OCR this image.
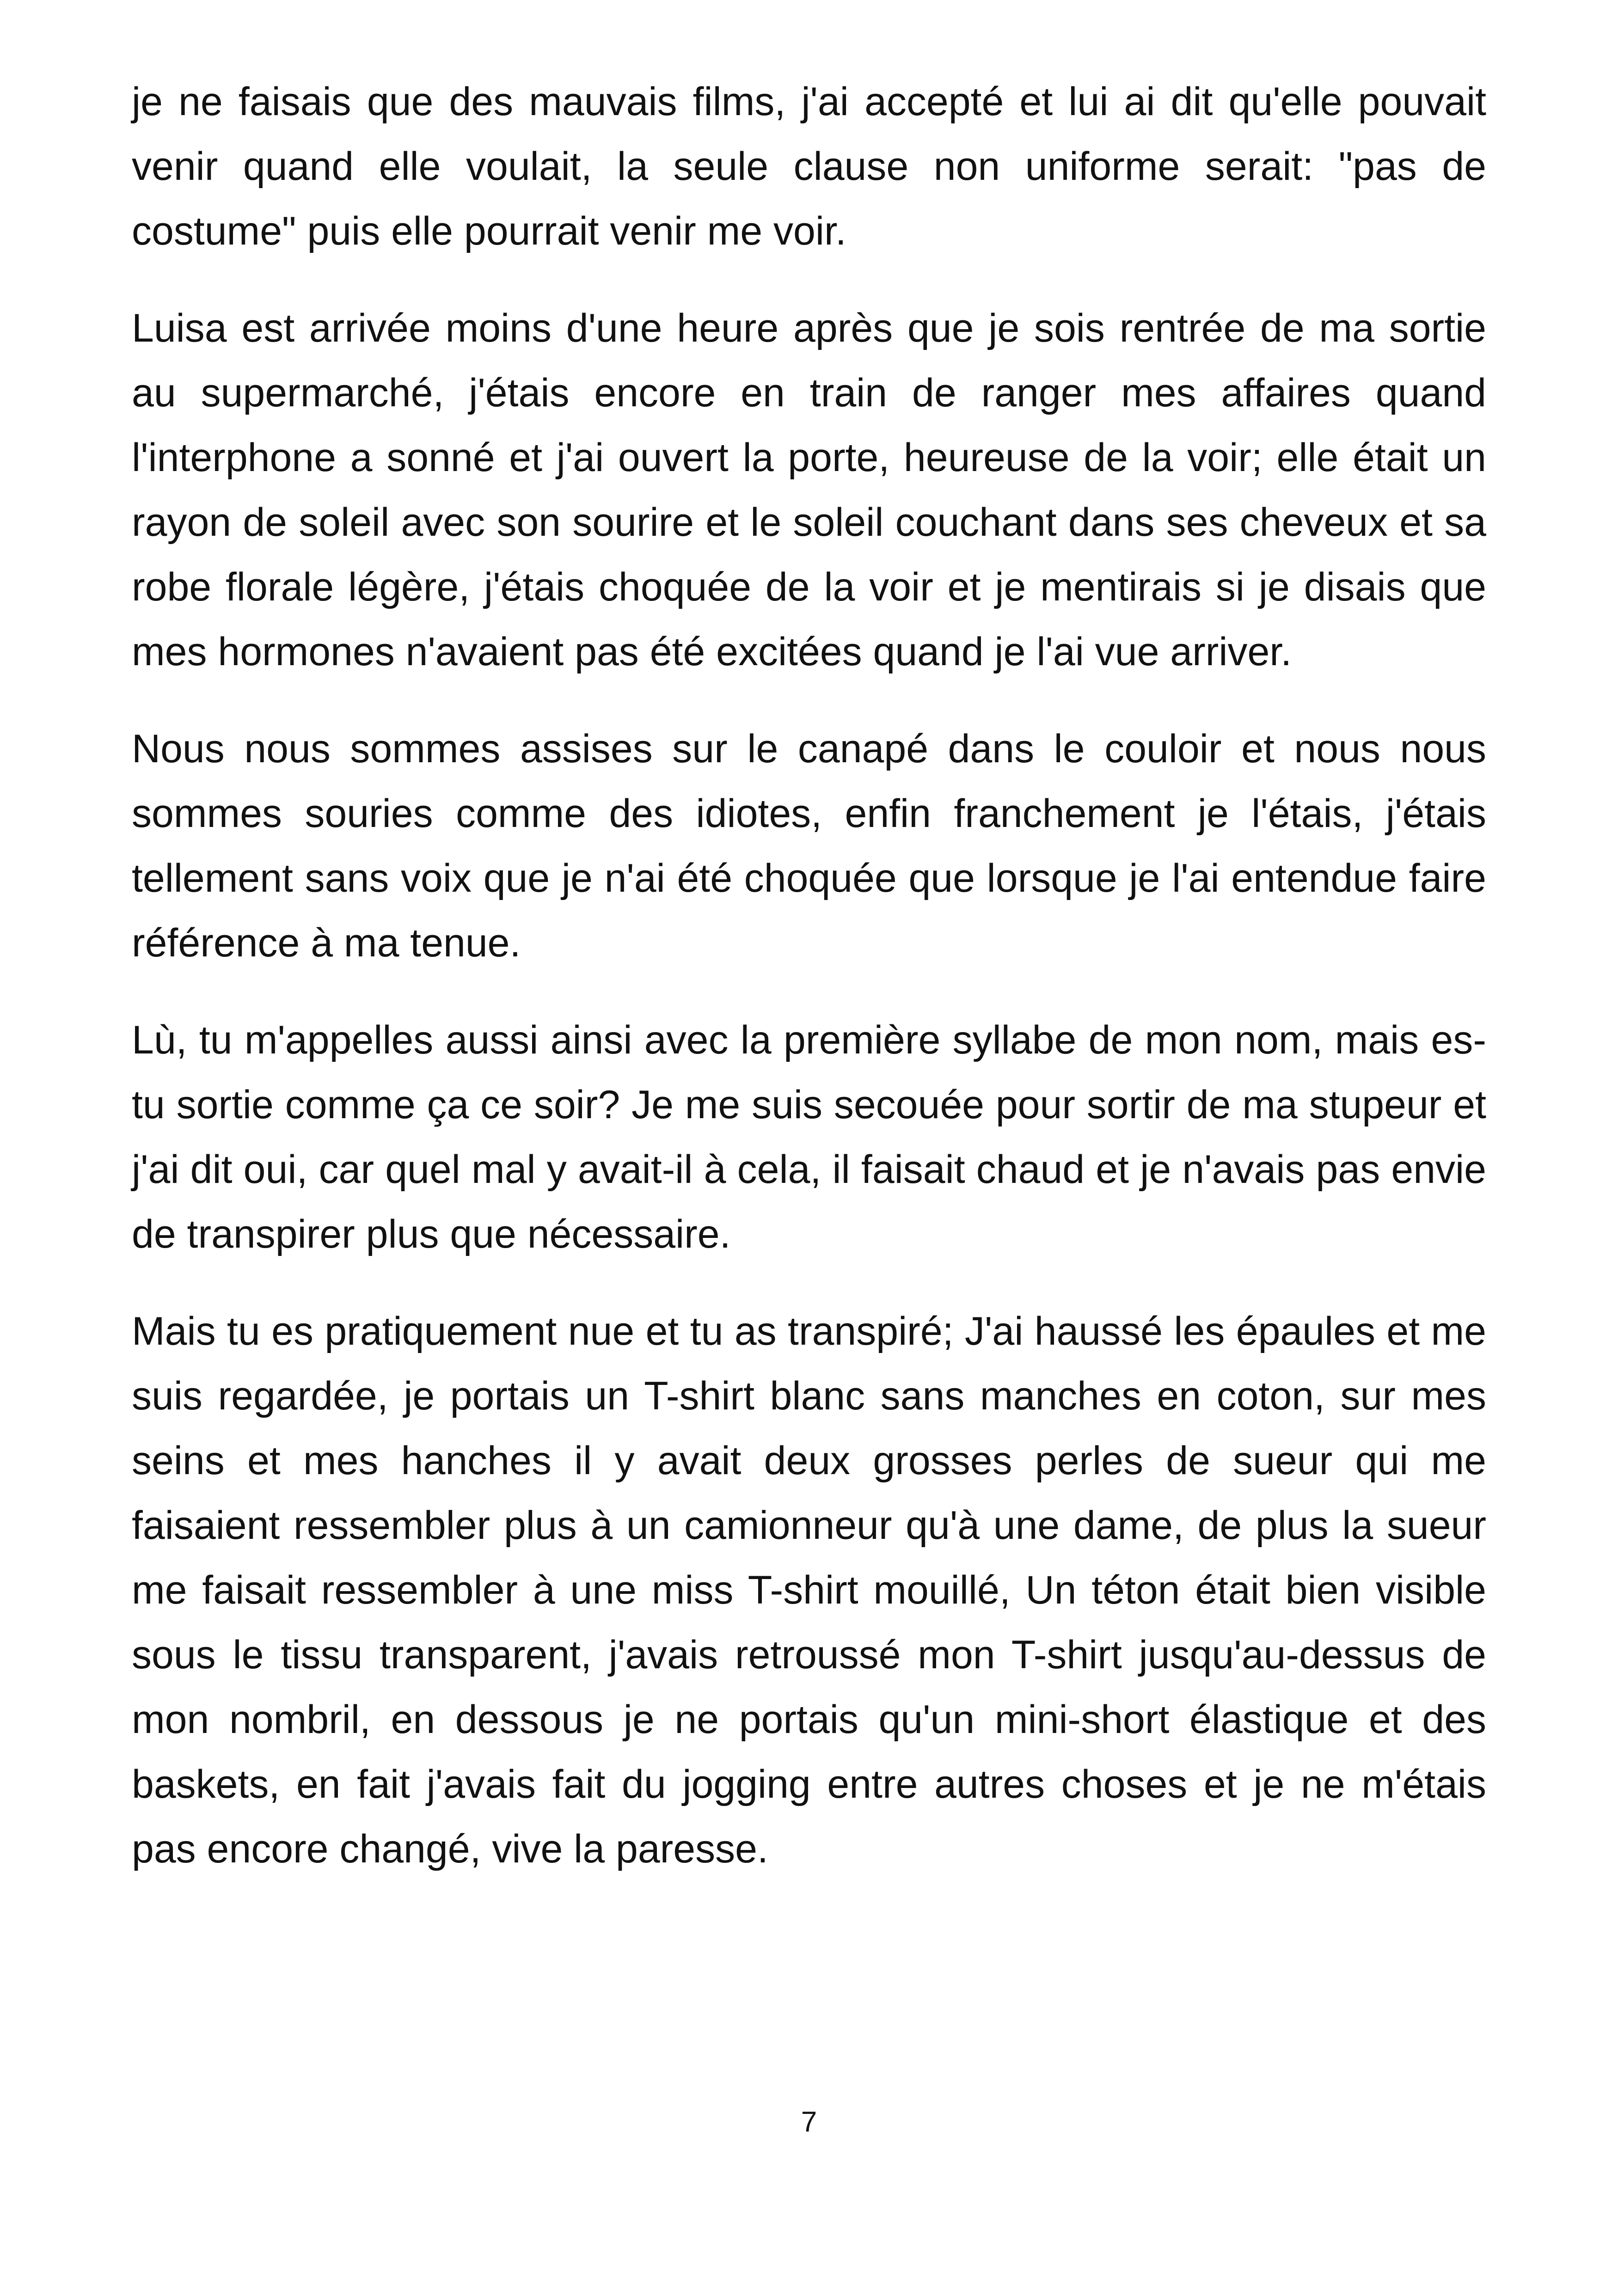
je ne faisais que des mauvais films, j'ai accepté et lui ai dit qu'elle pouvait venir quand elle voulait, la seule clause non uniforme serait: "pas de costume" puis elle pourrait venir me voir.

Luisa est arrivée moins d'une heure après que je sois rentrée de ma sortie au supermarché, j'étais encore en train de ranger mes affaires quand l'interphone a sonné et j'ai ouvert la porte, heureuse de la voir; elle était un rayon de soleil avec son sourire et le soleil couchant dans ses cheveux et sa robe florale légère, j'étais choquée de la voir et je mentirais si je disais que mes hormones n'avaient pas été excitées quand je l'ai vue arriver.

Nous nous sommes assises sur le canapé dans le couloir et nous nous sommes souries comme des idiotes, enfin franchement je l'étais, j'étais tellement sans voix que je n'ai été choquée que lorsque je l'ai entendue faire référence à ma tenue.

Lù, tu m'appelles aussi ainsi avec la première syllabe de mon nom, mais es-tu sortie comme ça ce soir? Je me suis secouée pour sortir de ma stupeur et j'ai dit oui, car quel mal y avait-il à cela, il faisait chaud et je n'avais pas envie de transpirer plus que nécessaire.

Mais tu es pratiquement nue et tu as transpiré; J'ai haussé les épaules et me suis regardée, je portais un T-shirt blanc sans manches en coton, sur mes seins et mes hanches il y avait deux grosses perles de sueur qui me faisaient ressembler plus à un camionneur qu'à une dame, de plus la sueur me faisait ressembler à une miss T-shirt mouillé, Un téton était bien visible sous le tissu transparent, j'avais retroussé mon T-shirt jusqu'au-dessus de mon nombril, en dessous je ne portais qu'un mini-short élastique et des baskets, en fait j'avais fait du jogging entre autres choses et je ne m'étais pas encore changé, vive la paresse.

7
